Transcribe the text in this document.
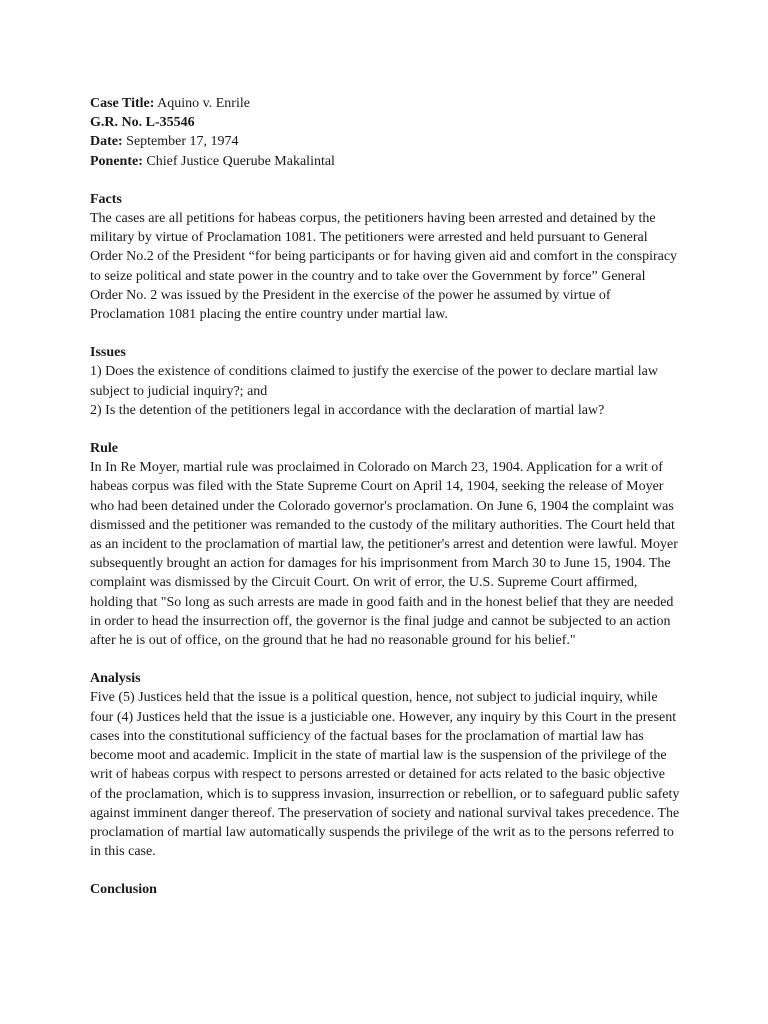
Case Title: Aquino v. Enrile

G.R. No. L-35546

Date: September 17, 1974

Ponente: Chief Justice Querube Makalintal

Facts

The cases are all petitions for habeas corpus, the petitioners having been arrested and detained by the military by virtue of Proclamation 1081. The petitioners were arrested and held pursuant to General Order No.2 of the President “for being participants or for having given aid and comfort in the conspiracy to seize political and state power in the country and to take over the Government by force” General Order No. 2 was issued by the President in the exercise of the power he assumed by virtue of Proclamation 1081 placing the entire country under martial law.

Issues

1) Does the existence of conditions claimed to justify the exercise of the power to declare martial law subject to judicial inquiry?; and

2) Is the detention of the petitioners legal in accordance with the declaration of martial law?

Rule

In In Re Moyer, martial rule was proclaimed in Colorado on March 23, 1904. Application for a writ of habeas corpus was filed with the State Supreme Court on April 14, 1904, seeking the release of Moyer who had been detained under the Colorado governor's proclamation. On June 6, 1904 the complaint was dismissed and the petitioner was remanded to the custody of the military authorities. The Court held that as an incident to the proclamation of martial law, the petitioner's arrest and detention were lawful. Moyer subsequently brought an action for damages for his imprisonment from March 30 to June 15, 1904. The complaint was dismissed by the Circuit Court. On writ of error, the U.S. Supreme Court affirmed, holding that "So long as such arrests are made in good faith and in the honest belief that they are needed in order to head the insurrection off, the governor is the final judge and cannot be subjected to an action after he is out of office, on the ground that he had no reasonable ground for his belief."

Analysis

Five (5) Justices held that the issue is a political question, hence, not subject to judicial inquiry, while four (4) Justices held that the issue is a justiciable one. However, any inquiry by this Court in the present cases into the constitutional sufficiency of the factual bases for the proclamation of martial law has become moot and academic. Implicit in the state of martial law is the suspension of the privilege of the writ of habeas corpus with respect to persons arrested or detained for acts related to the basic objective of the proclamation, which is to suppress invasion, insurrection or rebellion, or to safeguard public safety against imminent danger thereof. The preservation of society and national survival takes precedence. The proclamation of martial law automatically suspends the privilege of the writ as to the persons referred to in this case.

Conclusion
